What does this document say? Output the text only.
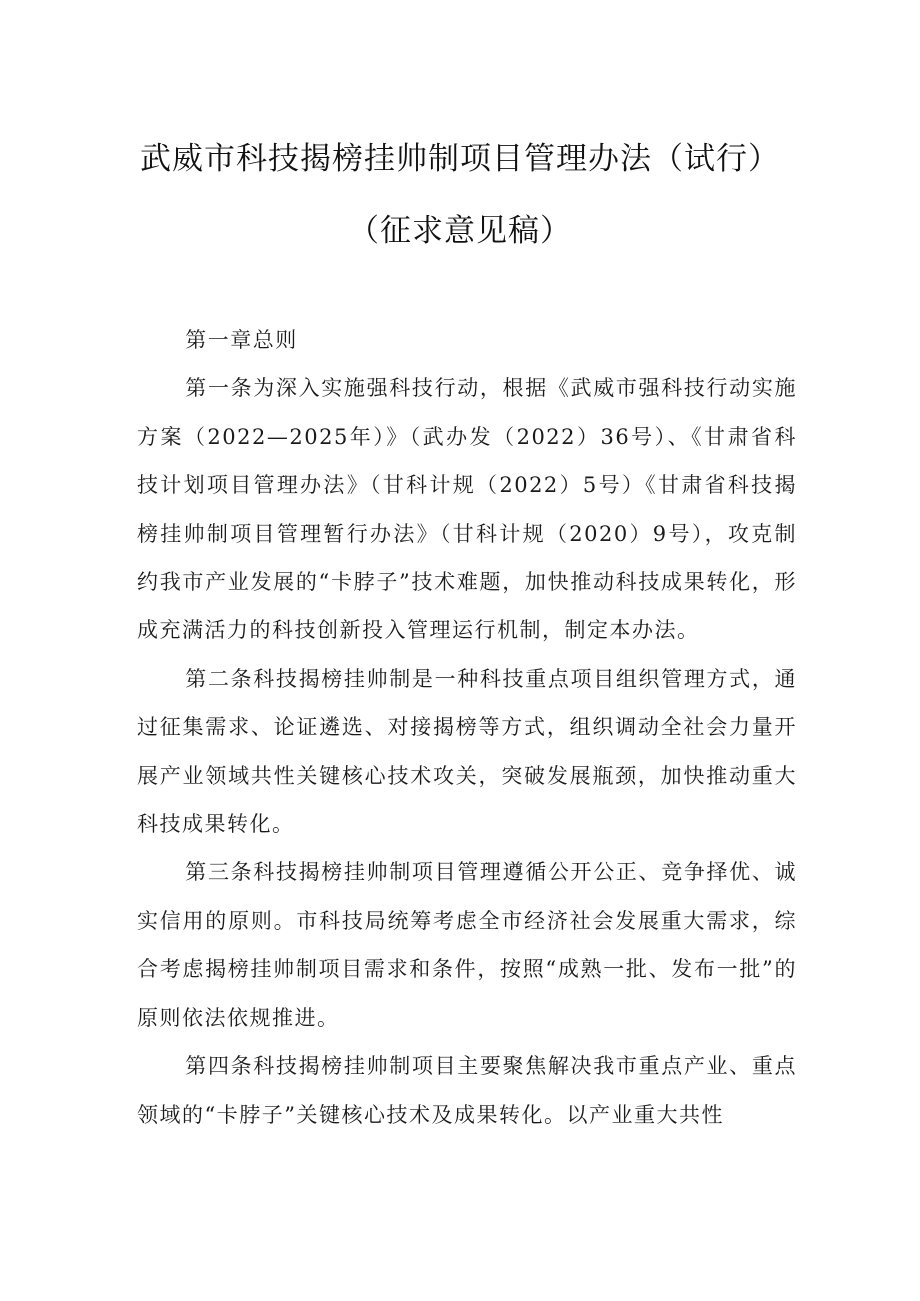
武威市科技揭榜挂帅制项目管理办法（试行）
（征求意见稿）

第一章总则

第一条为深入实施强科技行动，根据《武威市强科技行动实施方案（2022—2025年）》（武办发（2022）36号）、《甘肃省科技计划项目管理办法》（甘科计规（2022）5号）《甘肃省科技揭榜挂帅制项目管理暂行办法》（甘科计规（2020）9号），攻克制约我市产业发展的“卡脖子”技术难题，加快推动科技成果转化，形成充满活力的科技创新投入管理运行机制，制定本办法。

第二条科技揭榜挂帅制是一种科技重点项目组织管理方式，通过征集需求、论证遴选、对接揭榜等方式，组织调动全社会力量开展产业领域共性关键核心技术攻关，突破发展瓶颈，加快推动重大科技成果转化。

第三条科技揭榜挂帅制项目管理遵循公开公正、竞争择优、诚实信用的原则。市科技局统筹考虑全市经济社会发展重大需求，综合考虑揭榜挂帅制项目需求和条件，按照“成熟一批、发布一批”的原则依法依规推进。

第四条科技揭榜挂帅制项目主要聚焦解决我市重点产业、重点领域的“卡脖子”关键核心技术及成果转化。以产业重大共性
